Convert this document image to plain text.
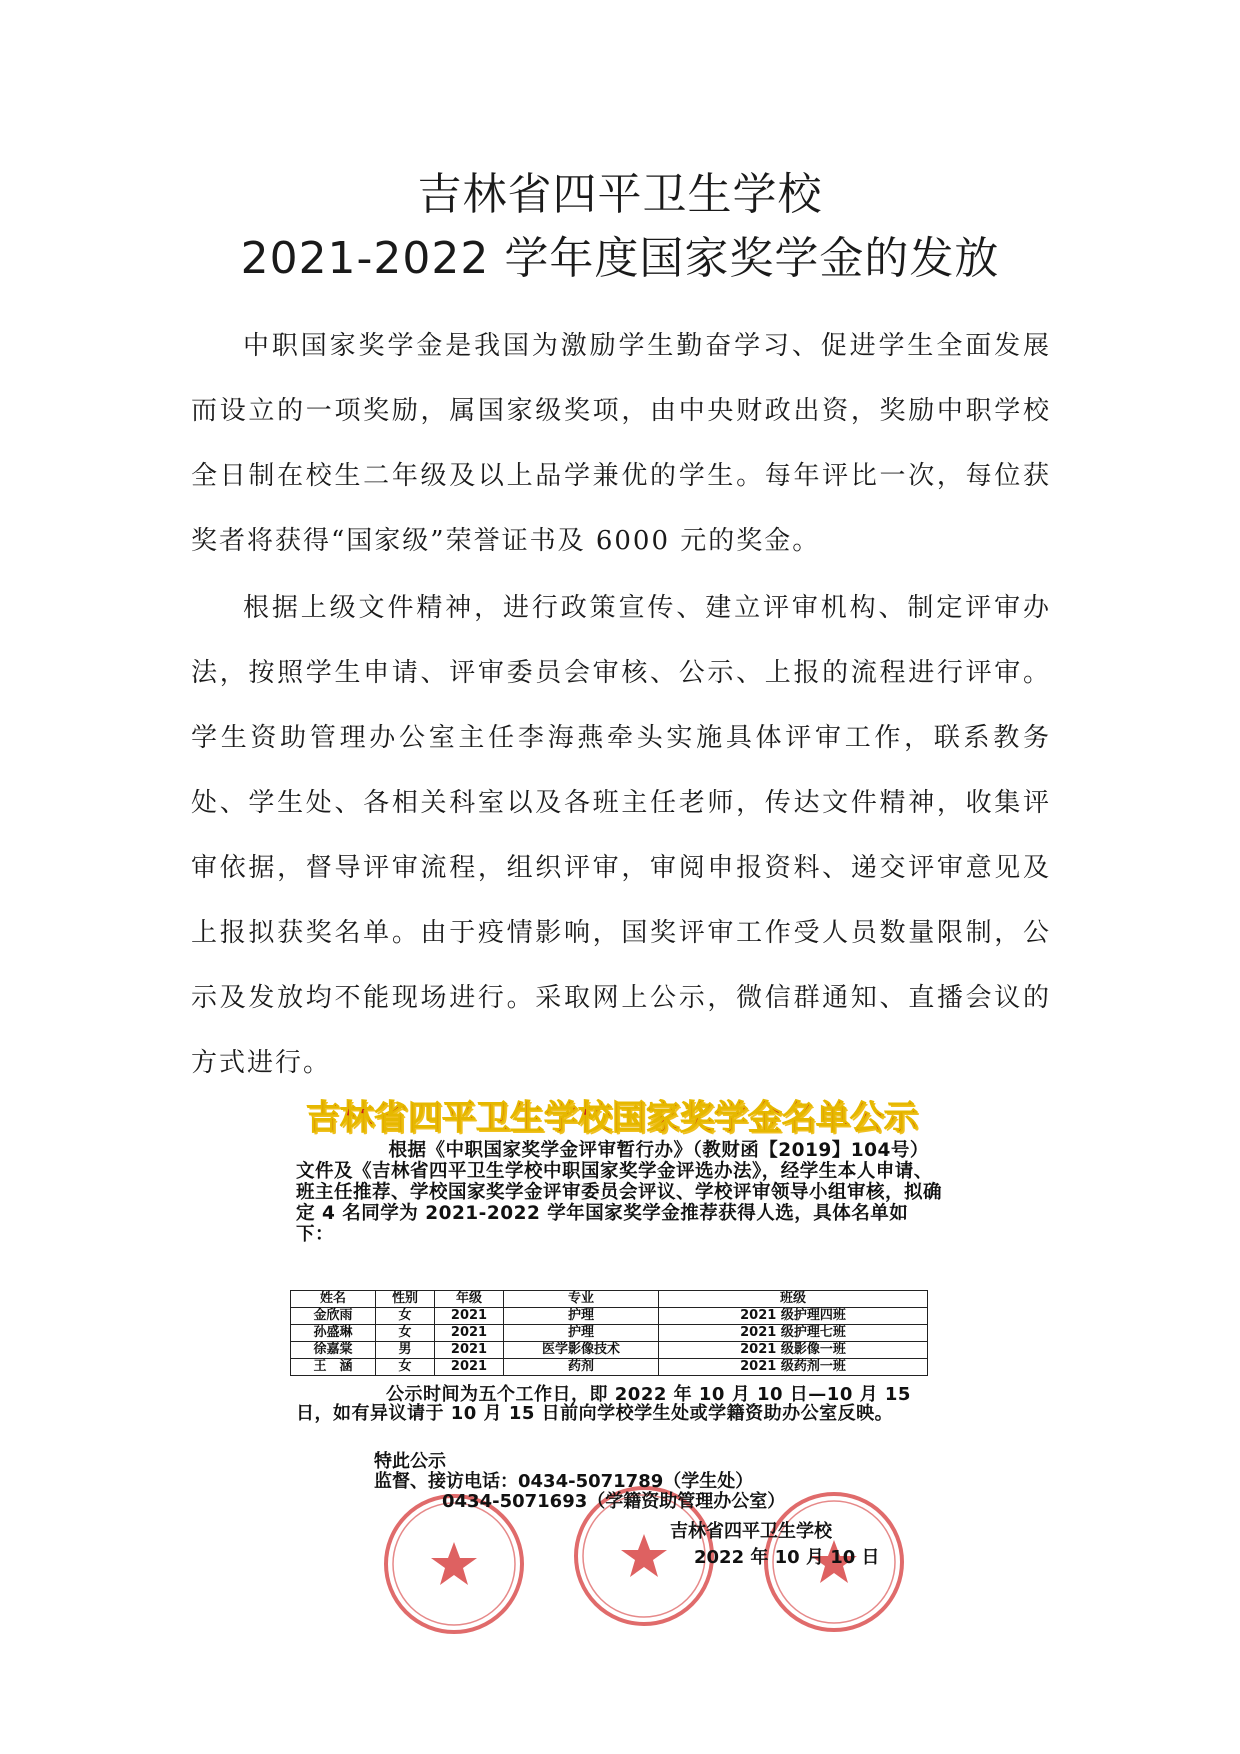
吉林省四平卫生学校
2021-2022 学年度国家奖学金的发放

中职国家奖学金是我国为激励学生勤奋学习、促进学生全面发展而设立的一项奖励，属国家级奖项，由中央财政出资，奖励中职学校全日制在校生二年级及以上品学兼优的学生。每年评比一次，每位获奖者将获得“国家级”荣誉证书及 6000 元的奖金。

根据上级文件精神，进行政策宣传、建立评审机构、制定评审办法，按照学生申请、评审委员会审核、公示、上报的流程进行评审。学生资助管理办公室主任李海燕牵头实施具体评审工作，联系教务处、学生处、各相关科室以及各班主任老师，传达文件精神，收集评审依据，督导评审流程，组织评审，审阅申报资料、递交评审意见及上报拟获奖名单。由于疫情影响，国奖评审工作受人员数量限制，公示及发放均不能现场进行。采取网上公示，微信群通知、直播会议的方式进行。

吉林省四平卫生学校国家奖学金名单公示
根据《中职国家奖学金评审暂行办》（教财函【2019】104号）文件及《吉林省四平卫生学校中职国家奖学金评选办法》，经学生本人申请、班主任推荐、学校国家奖学金评审委员会评议、学校评审领导小组审核，拟确定 4 名同学为 2021-2022 学年国家奖学金推荐获得人选，具体名单如下：
姓名	性别	年级	专业	班级
金欣雨	女	2021	护理	2021 级护理四班
孙盛琳	女	2021	护理	2021 级护理七班
徐嘉棠	男	2021	医学影像技术	2021 级影像一班
王　涵	女	2021	药剂	2021 级药剂一班
公示时间为五个工作日，即 2022 年 10 月 10 日—10 月 15 日，如有异议请于 10 月 15 日前向学校学生处或学籍资助办公室反映。
特此公示
监督、接访电话：0434-5071789（学生处）
0434-5071693（学籍资助管理办公室）
吉林省四平卫生学校
2022 年 10 月 10 日
